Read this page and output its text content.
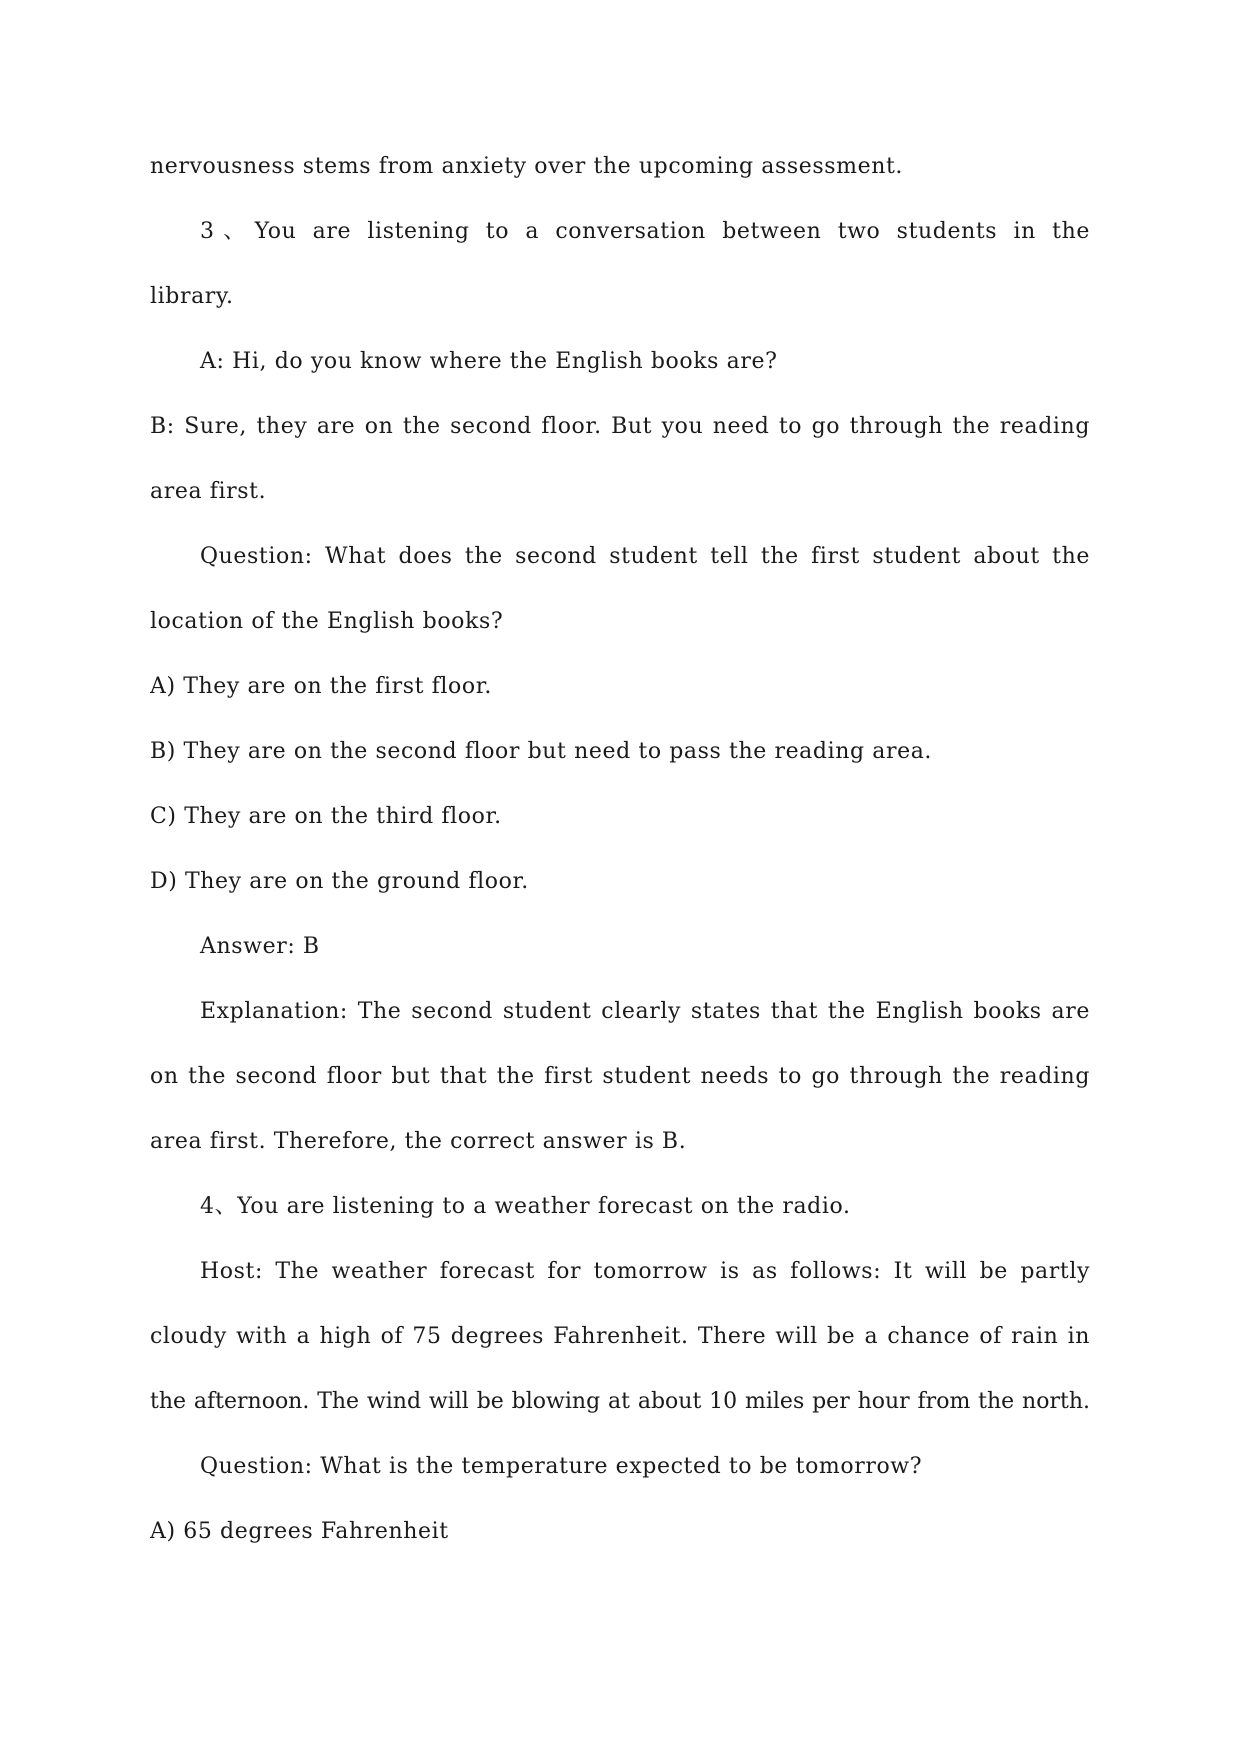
nervousness stems from anxiety over the upcoming assessment.

3、You are listening to a conversation between two students in the

library.

A: Hi, do you know where the English books are?

B: Sure, they are on the second floor. But you need to go through the reading

area first.

Question: What does the second student tell the first student about the

location of the English books?

A) They are on the first floor.

B) They are on the second floor but need to pass the reading area.

C) They are on the third floor.

D) They are on the ground floor.

Answer: B

Explanation: The second student clearly states that the English books are

on the second floor but that the first student needs to go through the reading

area first. Therefore, the correct answer is B.

4、You are listening to a weather forecast on the radio.

Host: The weather forecast for tomorrow is as follows: It will be partly

cloudy with a high of 75 degrees Fahrenheit. There will be a chance of rain in

the afternoon. The wind will be blowing at about 10 miles per hour from the north.

Question: What is the temperature expected to be tomorrow?

A) 65 degrees Fahrenheit
